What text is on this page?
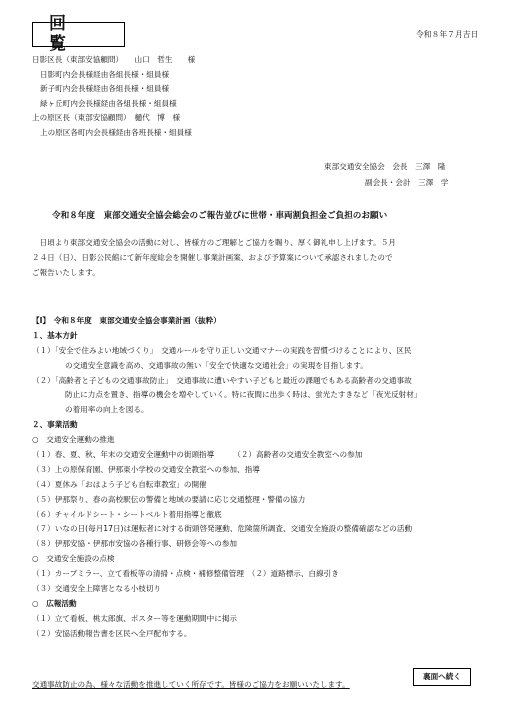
回 覧	令和８年７月吉日
日影区長（東部安協顧問）　　山口　哲生　　様
日影町内会長様経由各組長様・組員様
新子町内会長様経由各組長様・組員様
緑ヶ丘町内会長様経由各組長様・組員様
上の原区長（東部安協顧問）　樋代　博　様
上の原区各町内会長様経由各班長様・組員様
東部交通安全協会　会長　三澤　隆
副会長・会計　三澤　学
令和８年度　東部交通安全協会総会のご報告並びに世帯・車両割負担金ご負担のお願い
　日頃より東部交通安全協会の活動に対し、皆様方のご理解とご協力を賜り、厚く御礼申し上げます。５月
２４日（日）、日影公民館にて新年度総会を開催し事業計画案、および予算案について承認されましたので
ご報告いたします。
【Ⅰ】　令和８年度　東部交通安全協会事業計画（抜粋）
１、基本方針
（１）「安全で住みよい地域づくり」　交通ルールを守り正しい交通マナーの実践を習慣づけることにより、区民
の交通安全意識を高め、交通事故の無い「安全で快適な交通社会」の実現を目指します。
（２）「高齢者と子どもの交通事故防止」　交通事故に遭いやすい子どもと最近の課題でもある高齢者の交通事故
防止に力点を置き、指導の機会を増やしていく。特に夜間に出歩く時は、蛍光たすきなど「夜光反射材」
の着用率の向上を図る。
２、事業活動
○　交通安全運動の推進
（１）春、夏、秋、年末の交通安全運動中の街頭指導　　　（２）高齢者の交通安全教室への参加
（３）上の原保育園、伊那東小学校の交通安全教室への参加、指導
（４）夏休み「おはよう子ども自転車教室」の開催
（５）伊那祭り、春の高校駅伝の警備と地域の要請に応じ交通整理・警備の協力
（６）チャイルドシート・シートベルト着用指導と徹底
（７）いなの日(毎月17日)は運転者に対する街頭啓発運動、危険箇所調査、交通安全施設の整備確認などの活動
（８）伊那安協・伊那市安協の各種行事、研修会等への参加
○　交通安全施設の点検
（１）カーブミラー、立て看板等の清掃・点検・補修整備管理　（２）道路標示、白線引き
（３）交通安全上障害となる小枝切り
○　広報活動
（１）立て看板、桃太郎旗、ポスター等を運動期間中に掲示
（２）安協活動報告書を区民へ全戸配布する。
交通事故防止の為、様々な活動を推進していく所存です。皆様のご協力をお願いいたします。
裏面へ続く
